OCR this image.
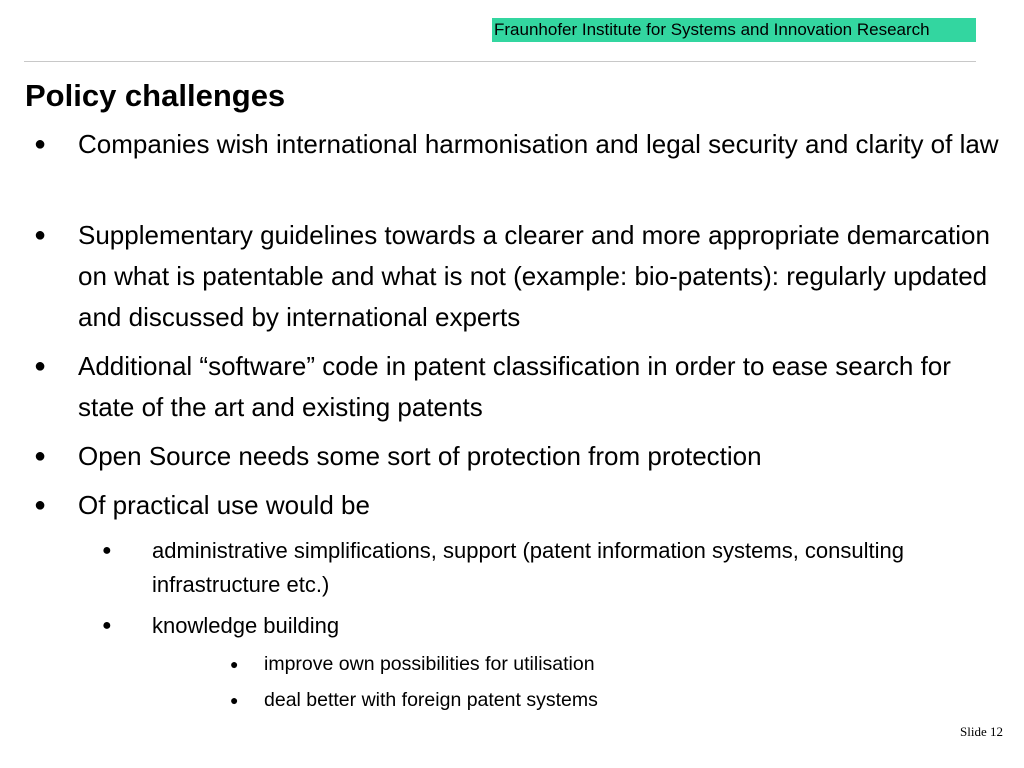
Fraunhofer Institute for Systems and Innovation Research
Policy challenges
● Companies wish international harmonisation and legal security and clarity of law
● Supplementary guidelines towards a clearer and more appropriate demarcation on what is patentable and what is not (example: bio-patents): regularly updated and discussed by international experts
● Additional “software” code in patent classification in order to ease search for state of the art and existing patents
● Open Source needs some sort of protection from protection
● Of practical use would be
● administrative simplifications, support (patent information systems, consulting infrastructure etc.)
● knowledge building
● improve own possibilities for utilisation
● deal better with foreign patent systems
Slide 12
